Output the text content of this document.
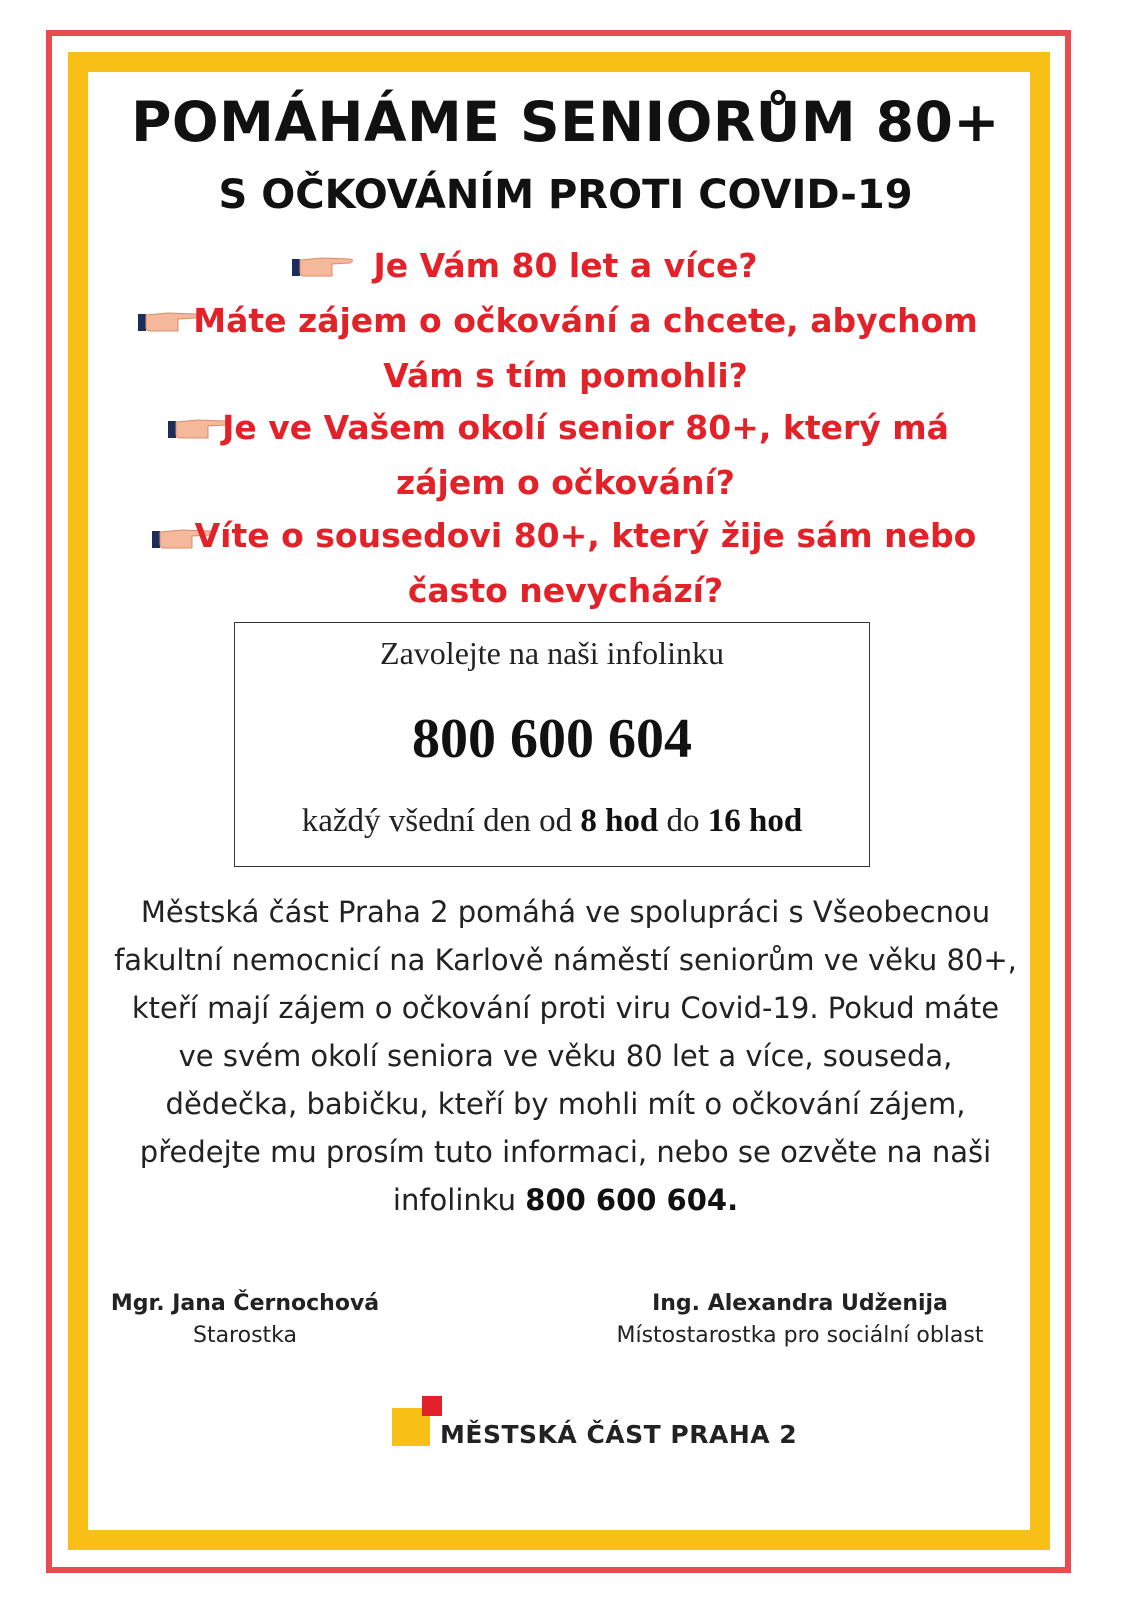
POMÁHÁME SENIORŮM 80+
S OČKOVÁNÍM PROTI COVID-19
Je Vám 80 let a více?
Máte zájem o očkování a chcete, abychom
Vám s tím pomohli?
Je ve Vašem okolí senior 80+, který má
zájem o očkování?
Víte o sousedovi 80+, který žije sám nebo
často nevychází?
Zavolejte na naši infolinku
800 600 604
každý všední den od 8 hod do 16 hod
Městská část Praha 2 pomáhá ve spolupráci s Všeobecnou fakultní nemocnicí na Karlově náměstí seniorům ve věku 80+, kteří mají zájem o očkování proti viru Covid-19. Pokud máte ve svém okolí seniora ve věku 80 let a více, souseda, dědečka, babičku, kteří by mohli mít o očkování zájem, předejte mu prosím tuto informaci, nebo se ozvěte na naši infolinku 800 600 604.
Mgr. Jana Černochová
Starostka
Ing. Alexandra Udženija
Místostarostka pro sociální oblast
MĚSTSKÁ ČÁST PRAHA 2
